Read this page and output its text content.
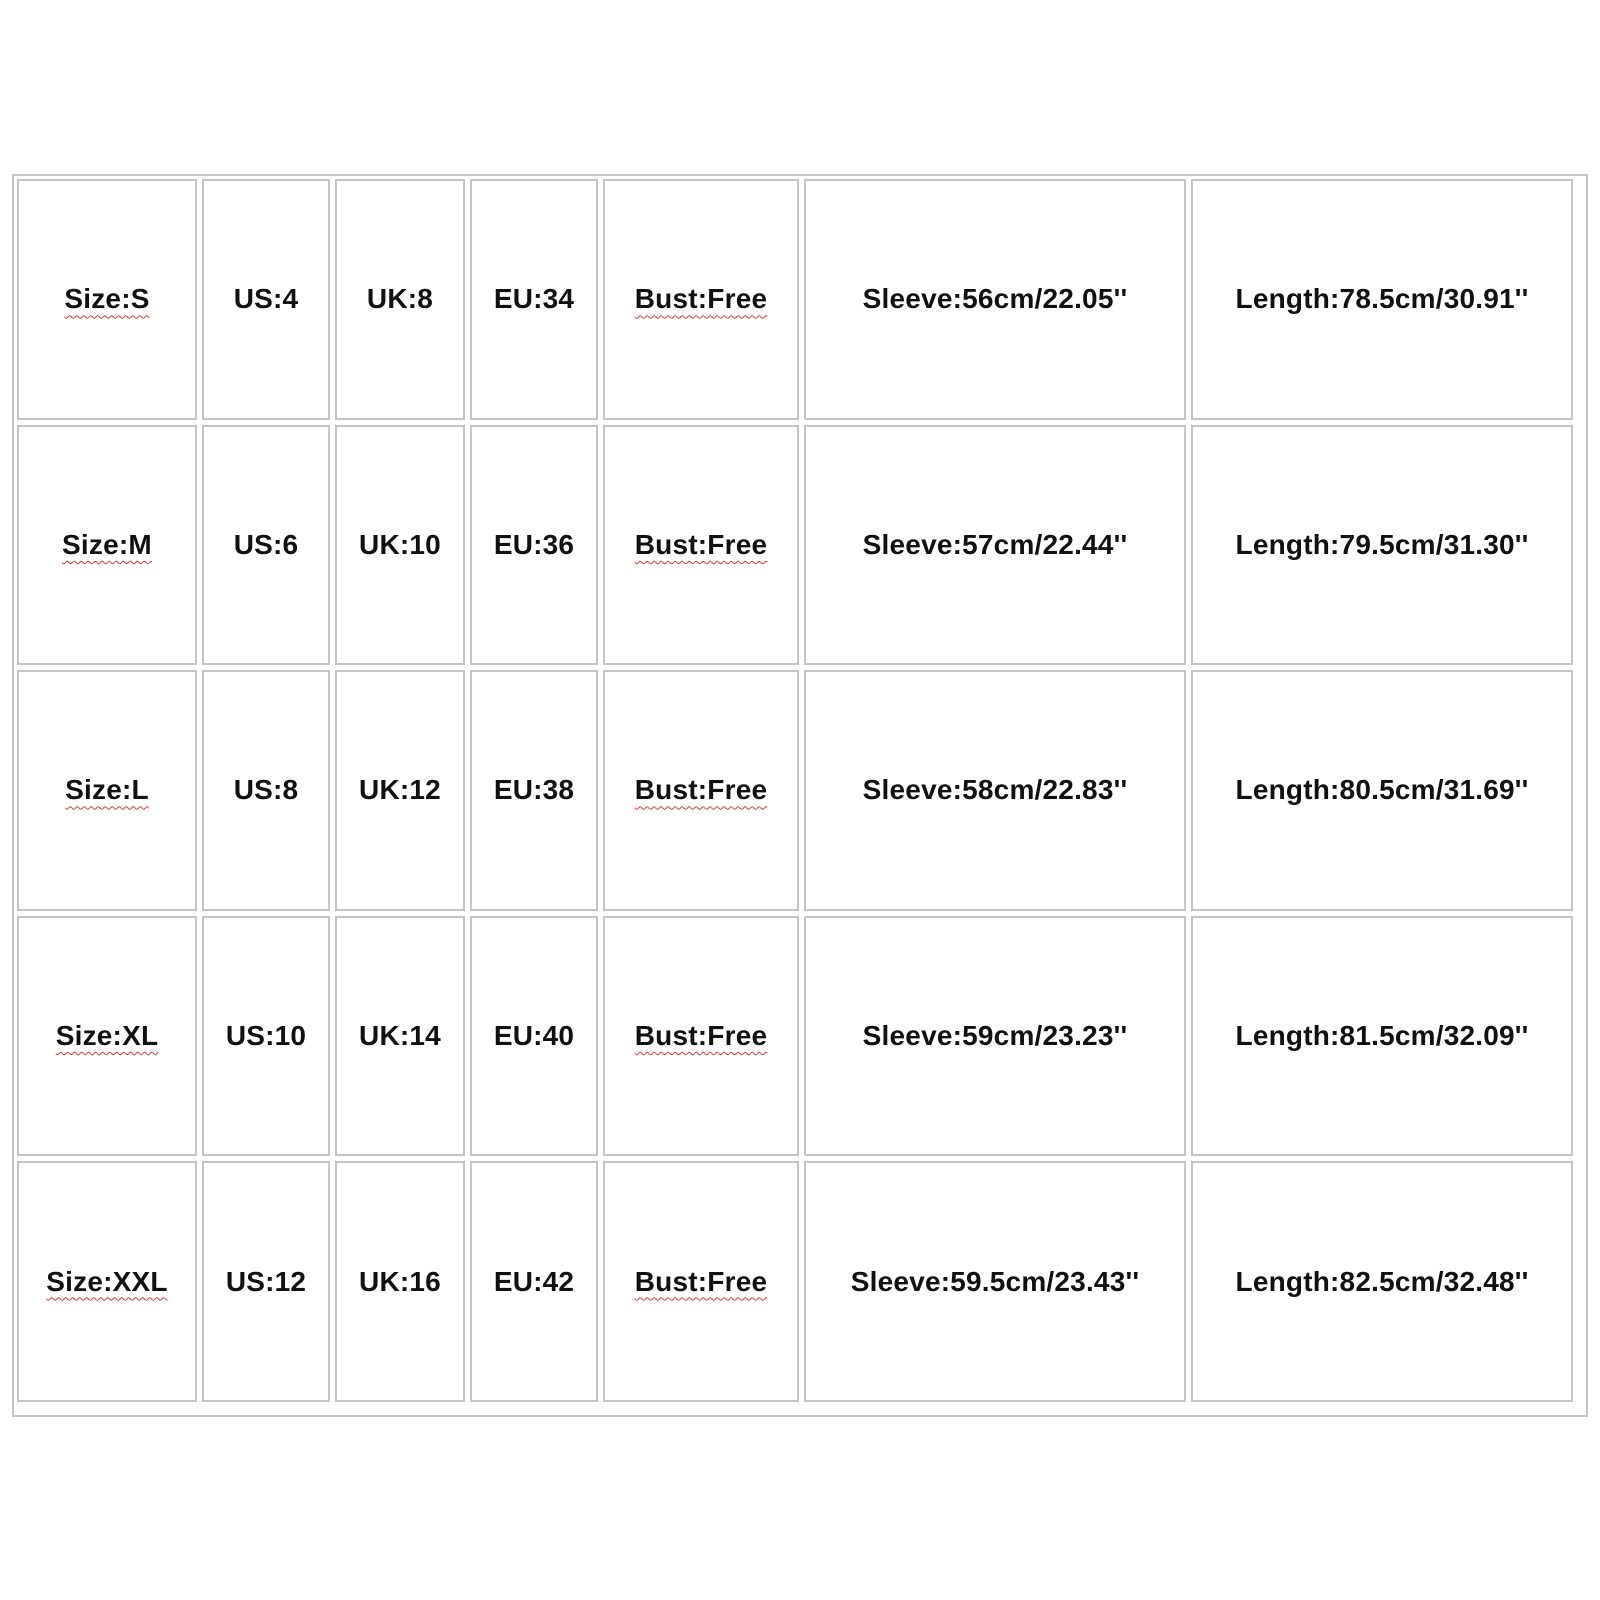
Size:S	US:4	UK:8	EU:34	Bust:Free	Sleeve:56cm/22.05''	Length:78.5cm/30.91''
Size:M	US:6	UK:10	EU:36	Bust:Free	Sleeve:57cm/22.44''	Length:79.5cm/31.30''
Size:L	US:8	UK:12	EU:38	Bust:Free	Sleeve:58cm/22.83''	Length:80.5cm/31.69''
Size:XL	US:10	UK:14	EU:40	Bust:Free	Sleeve:59cm/23.23''	Length:81.5cm/32.09''
Size:XXL	US:12	UK:16	EU:42	Bust:Free	Sleeve:59.5cm/23.43''	Length:82.5cm/32.48''
